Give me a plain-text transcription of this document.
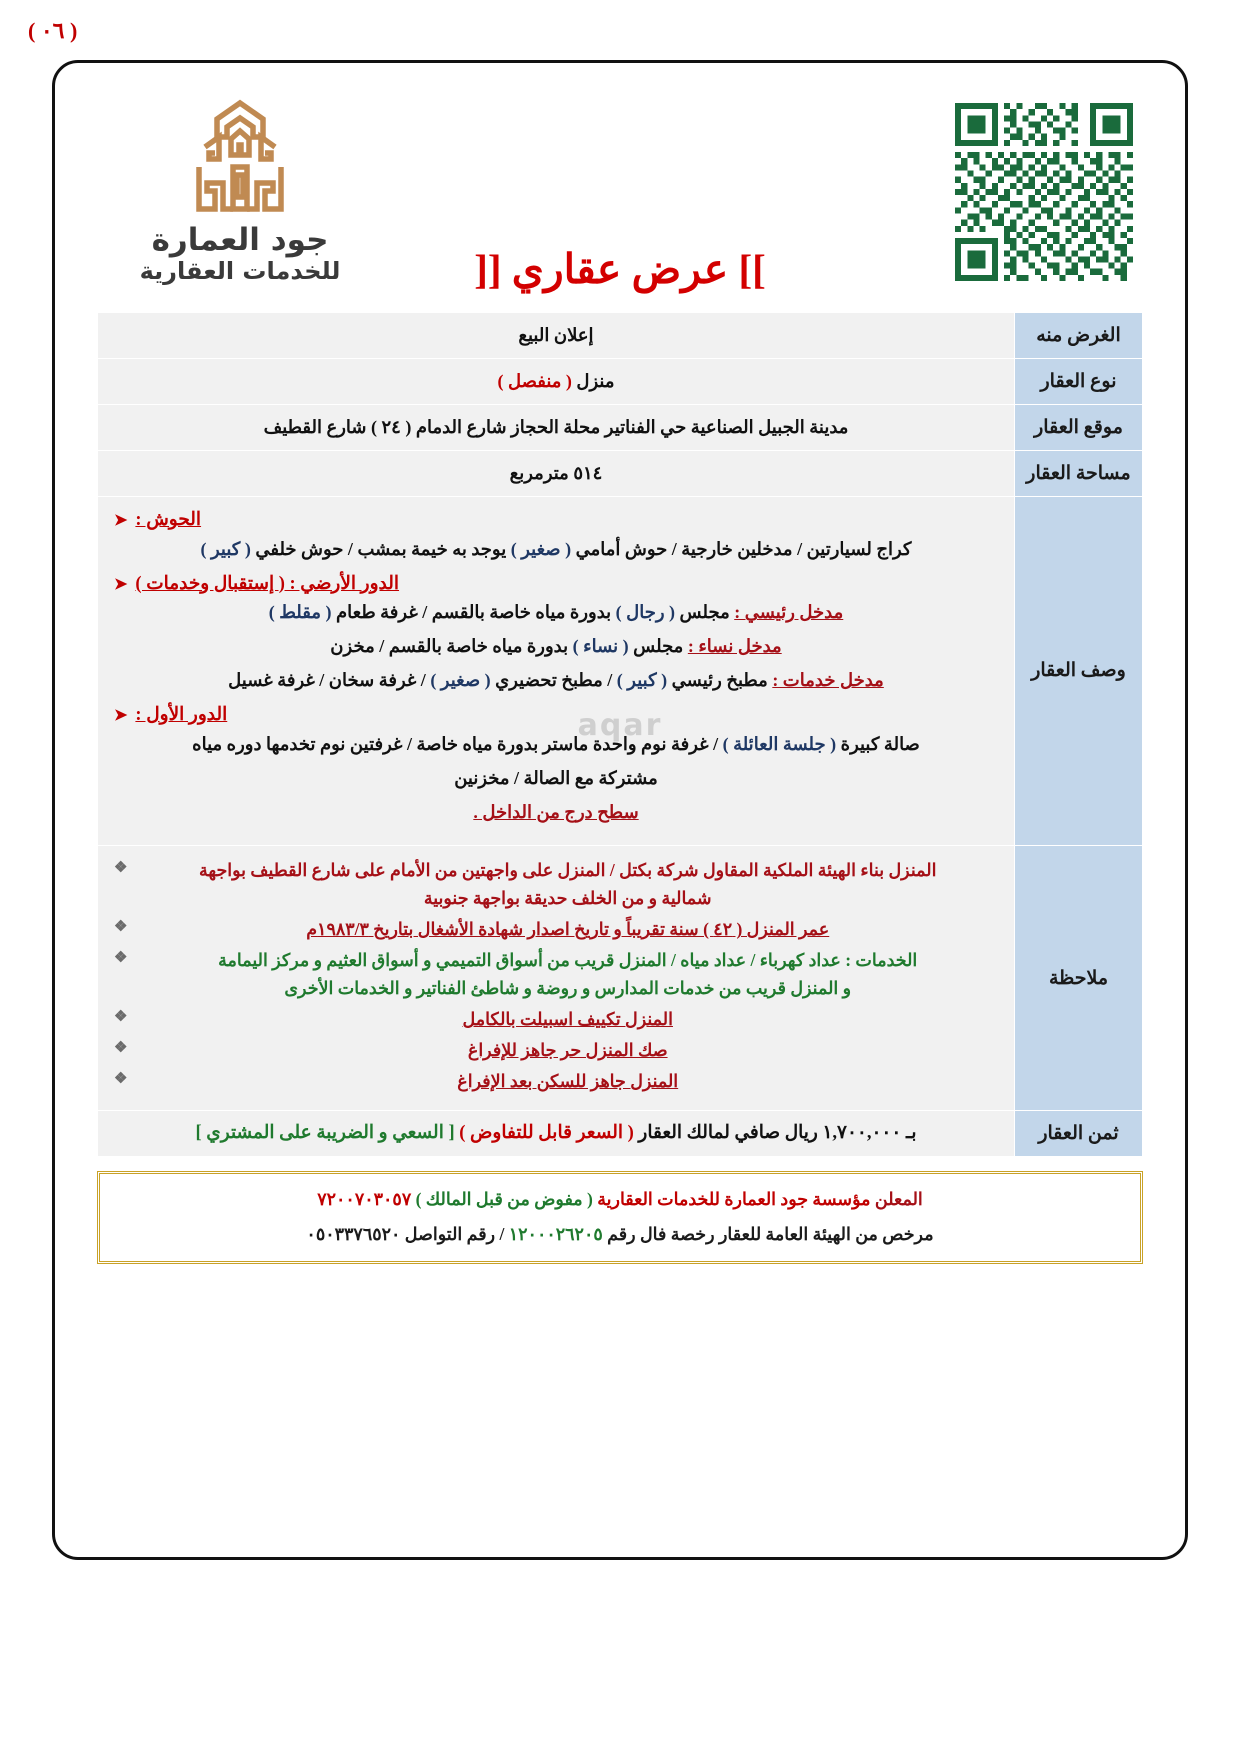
( ٠٦ )
جود العمارة
للخدمات العقارية	]] عرض عقاري [[
الغرض منه	إعلان البيع
نوع العقار	منزل ( منفصل )
موقع العقار	مدينة الجبيل الصناعية حي الفناتير محلة الحجاز شارع الدمام ( ٢٤ ) شارع القطيف
مساحة العقار	٥١٤ مترمربع
وصف العقار	
➤ الحوش :
كراج لسيارتين / مدخلين خارجية / حوش أمامي ( صغير ) يوجد به خيمة بمشب / حوش خلفي ( كبير )
➤ الدور الأرضي : ( إستقبال وخدمات )
مدخل رئيسي : مجلس ( رجال ) بدورة مياه خاصة بالقسم / غرفة طعام ( مقلط )
مدخل نساء : مجلس ( نساء ) بدورة مياه خاصة بالقسم / مخزن
مدخل خدمات : مطبخ رئيسي ( كبير ) / مطبخ تحضيري ( صغير ) / غرفة سخان / غرفة غسيل
➤ الدور الأول :
صالة كبيرة ( جلسة العائلة ) / غرفة نوم واحدة ماستر بدورة مياه خاصة / غرفتين نوم تخدمها دوره مياه
مشتركة مع الصالة / مخزنين
سطح درج من الداخل .

ملاحظة	
❖	المنزل بناء الهيئة الملكية المقاول شركة بكتل / المنزل على واجهتين من الأمام على شارع القطيف بواجهة
شمالية و من الخلف حديقة بواجهة جنوبية
❖	عمر المنزل ( ٤٢ ) سنة تقريباً و تاريخ اصدار شهادة الأشغال بتاريخ ١٩٨٣/٣م
❖	الخدمات : عداد كهرباء / عداد مياه / المنزل قريب من أسواق التميمي و أسواق العثيم و مركز اليمامة
و المنزل قريب من خدمات المدارس و روضة و شاطئ الفناتير و الخدمات الأخرى
❖	المنزل تكييف اسبيلت بالكامل
❖	صك المنزل حر جاهز للإفراغ
❖	المنزل جاهز للسكن بعد الإفراغ

ثمن العقار	بـ ١,٧٠٠,٠٠٠ ريال صافي لمالك العقار ( السعر قابل للتفاوض ) [ السعي و الضريبة على المشتري ]
المعلن مؤسسة جود العمارة للخدمات العقارية ( مفوض من قبل المالك ) ٧٢٠٠٧٠٣٠٥٧
مرخص من الهيئة العامة للعقار رخصة فال رقم ١٢٠٠٠٢٦٢٠٥ / رقم التواصل ٠٥٠٣٣٧٦٥٢٠
aqar
